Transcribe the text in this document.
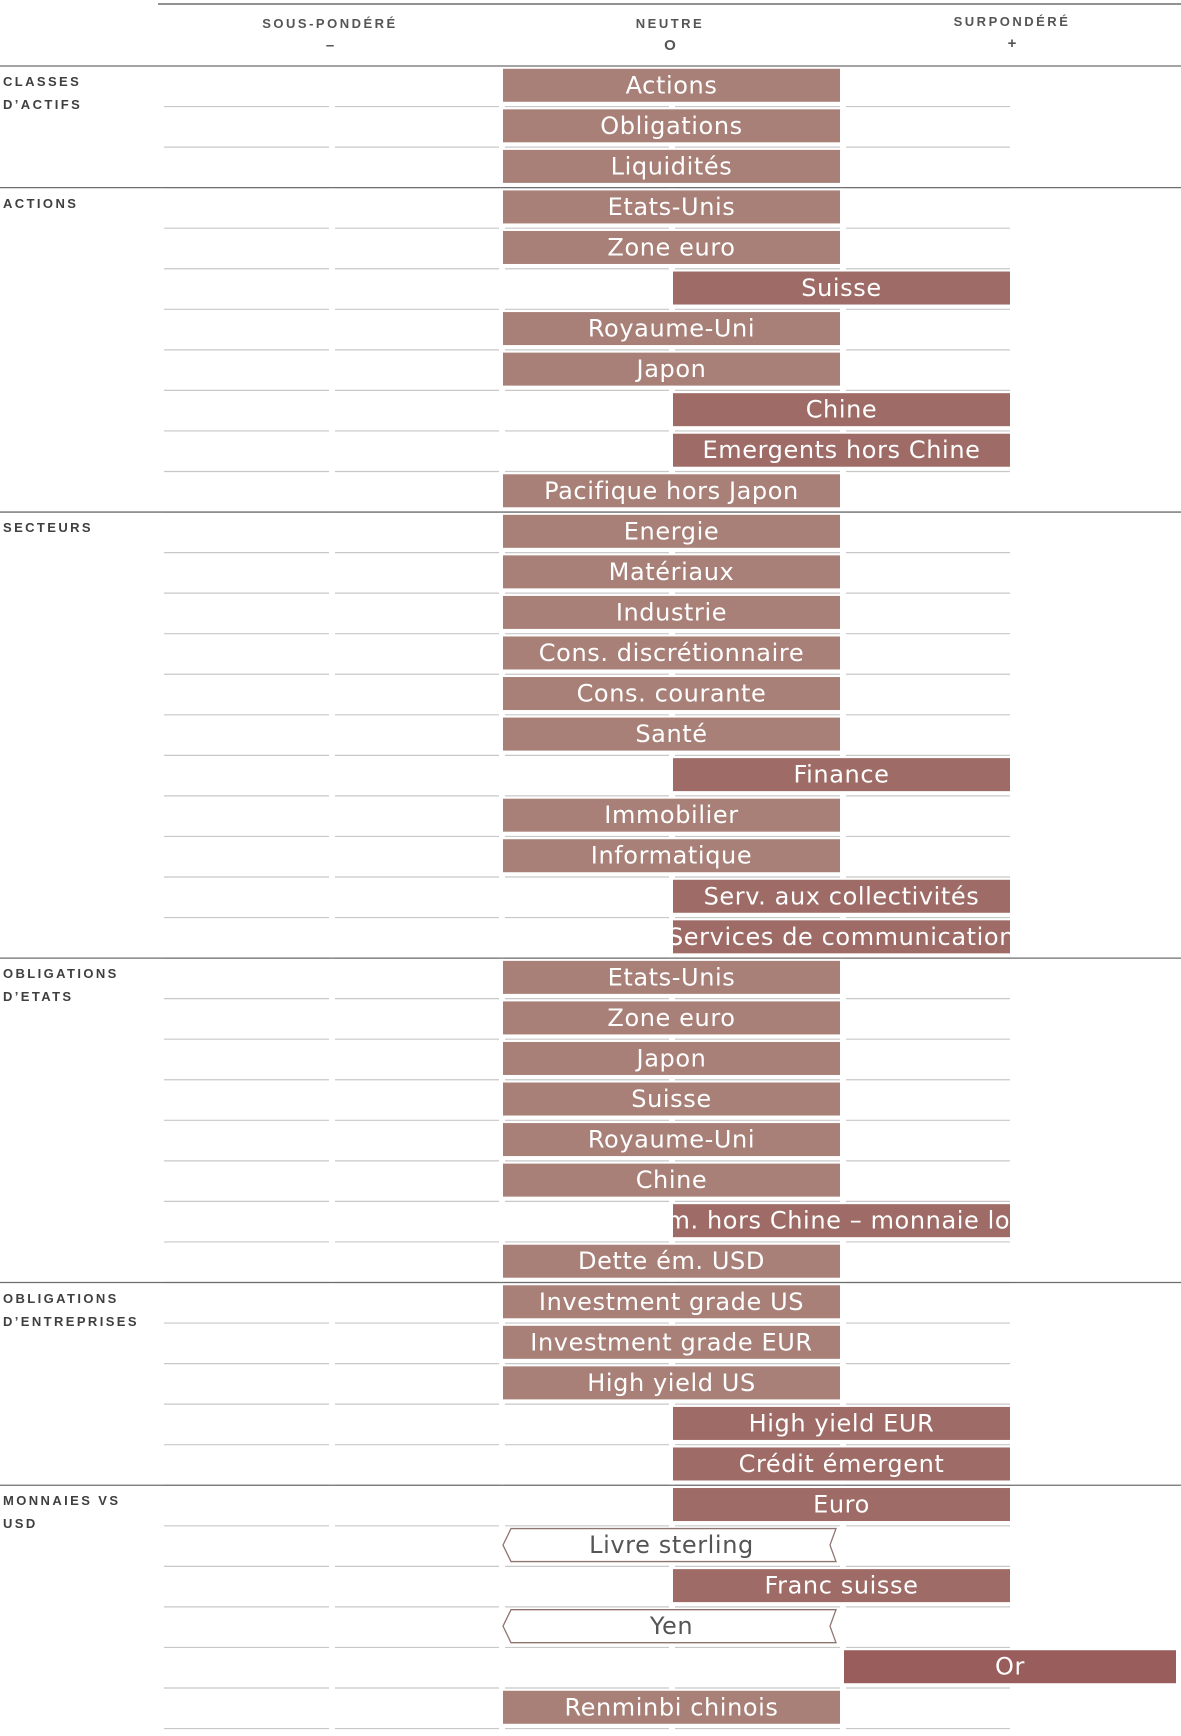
Actions
Obligations
Liquidités
Etats-Unis
Zone euro
Suisse
Royaume-Uni
Japon
Chine
Emergents hors Chine
Pacifique hors Japon
Energie
Matériaux
Industrie
Cons. discrétionnaire
Cons. courante
Santé
Finance
Immobilier
Informatique
Serv. aux collectivités
Services de communication
Etats-Unis
Zone euro
Japon
Suisse
Royaume-Uni
Chine
Em. hors Chine – monnaie loc.
Dette ém. USD
Investment grade US
Investment grade EUR
High yield US
High yield EUR
Crédit émergent
Euro
Livre sterling
Franc suisse
Yen
Or
Renminbi chinois
SOUS-PONDÉRÉ
–
NEUTRE
O
SURPONDÉRÉ
+
CLASSES D’ACTIFS
ACTIONS
SECTEURS
OBLIGATIONS D’ETATS
OBLIGATIONS D’ENTREPRISES
MONNAIES VS USD
